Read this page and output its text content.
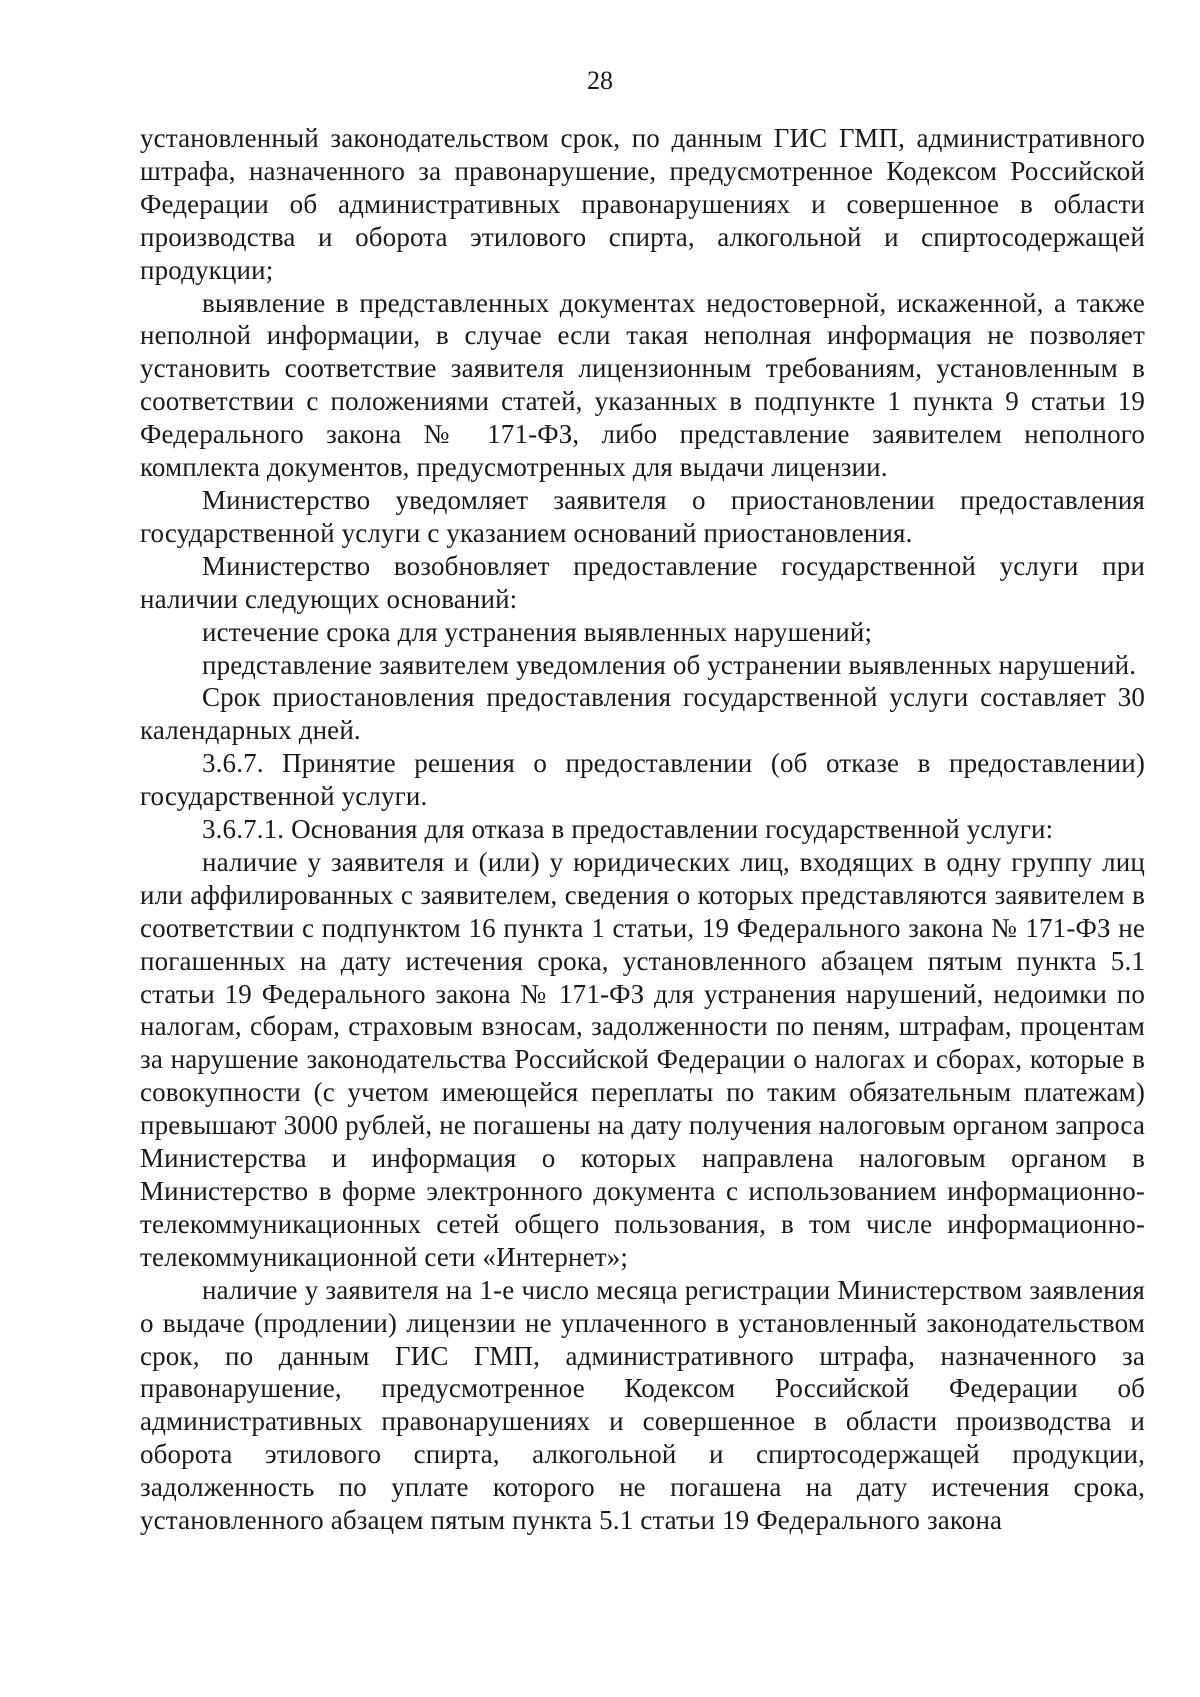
28

установленный законодательством срок, по данным ГИС ГМП, административного штрафа, назначенного за правонарушение, предусмотренное Кодексом Российской Федерации об административных правонарушениях и совершенное в области производства и оборота этилового спирта, алкогольной и спиртосодержащей продукции;

выявление в представленных документах недостоверной, искаженной, а также неполной информации, в случае если такая неполная информация не позволяет установить соответствие заявителя лицензионным требованиям, установленным в соответствии с положениями статей, указанных в подпункте 1 пункта 9 статьи 19 Федерального закона № 171-ФЗ, либо представление заявителем неполного комплекта документов, предусмотренных для выдачи лицензии.

Министерство уведомляет заявителя о приостановлении предоставления государственной услуги с указанием оснований приостановления.

Министерство возобновляет предоставление государственной услуги при наличии следующих оснований:

истечение срока для устранения выявленных нарушений;

представление заявителем уведомления об устранении выявленных нарушений.

Срок приостановления предоставления государственной услуги составляет 30 календарных дней.

3.6.7. Принятие решения о предоставлении (об отказе в предоставлении) государственной услуги.

3.6.7.1. Основания для отказа в предоставлении государственной услуги:

наличие у заявителя и (или) у юридических лиц, входящих в одну группу лиц или аффилированных с заявителем, сведения о которых представляются заявителем в соответствии с подпунктом 16 пункта 1 статьи, 19 Федерального закона № 171-ФЗ не погашенных на дату истечения срока, установленного абзацем пятым пункта 5.1 статьи 19 Федерального закона № 171-ФЗ для устранения нарушений, недоимки по налогам, сборам, страховым взносам, задолженности по пеням, штрафам, процентам за нарушение законодательства Российской Федерации о налогах и сборах, которые в совокупности (с учетом имеющейся переплаты по таким обязательным платежам) превышают 3000 рублей, не погашены на дату получения налоговым органом запроса Министерства и информация о которых направлена налоговым органом в Министерство в форме электронного документа с использованием информационно-телекоммуникационных сетей общего пользования, в том числе информационно-телекоммуникационной сети «Интернет»;

наличие у заявителя на 1-е число месяца регистрации Министерством заявления о выдаче (продлении) лицензии не уплаченного в установленный законодательством срок, по данным ГИС ГМП, административного штрафа, назначенного за правонарушение, предусмотренное Кодексом Российской Федерации об административных правонарушениях и совершенное в области производства и оборота этилового спирта, алкогольной и спиртосодержащей продукции, задолженность по уплате которого не погашена на дату истечения срока, установленного абзацем пятым пункта 5.1 статьи 19 Федерального закона
